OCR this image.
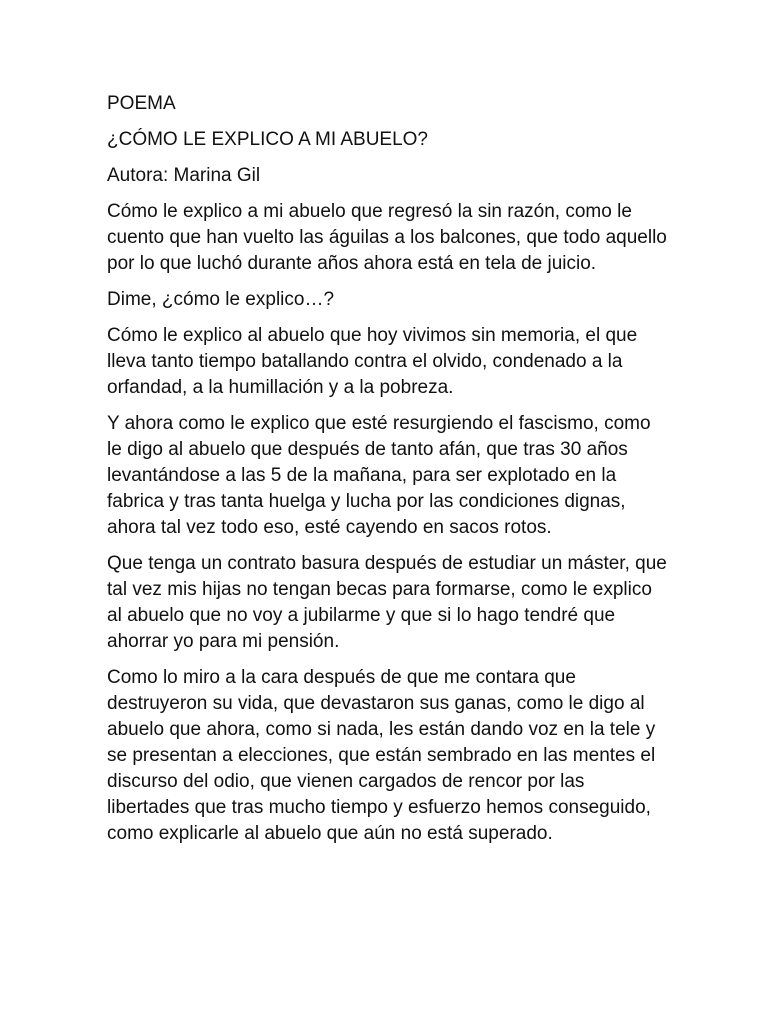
POEMA

¿CÓMO LE EXPLICO A MI ABUELO?

Autora: Marina Gil

Cómo le explico a mi abuelo que regresó la sin razón, como le cuento que han vuelto las águilas a los balcones, que todo aquello por lo que luchó durante años ahora está en tela de juicio.

Dime, ¿cómo le explico…?

Cómo le explico al abuelo que hoy vivimos sin memoria, el que lleva tanto tiempo batallando contra el olvido, condenado a la orfandad, a la humillación y a la pobreza.

Y ahora como le explico que esté resurgiendo el fascismo, como le digo al abuelo que después de tanto afán, que tras 30 años levantándose a las 5 de la mañana, para ser explotado en la fabrica y tras tanta huelga y lucha por las condiciones dignas, ahora tal vez todo eso, esté cayendo en sacos rotos.

Que tenga un contrato basura después de estudiar un máster, que tal vez mis hijas no tengan becas para formarse, como le explico al abuelo que no voy a jubilarme y que si lo hago tendré que ahorrar yo para mi pensión.

Como lo miro a la cara después de que me contara que destruyeron su vida, que devastaron sus ganas, como le digo al abuelo que ahora, como si nada, les están dando voz en la tele y se presentan a elecciones, que están sembrado en las mentes el discurso del odio, que vienen cargados de rencor por las libertades que tras mucho tiempo y esfuerzo hemos conseguido, como explicarle al abuelo que aún no está superado.
